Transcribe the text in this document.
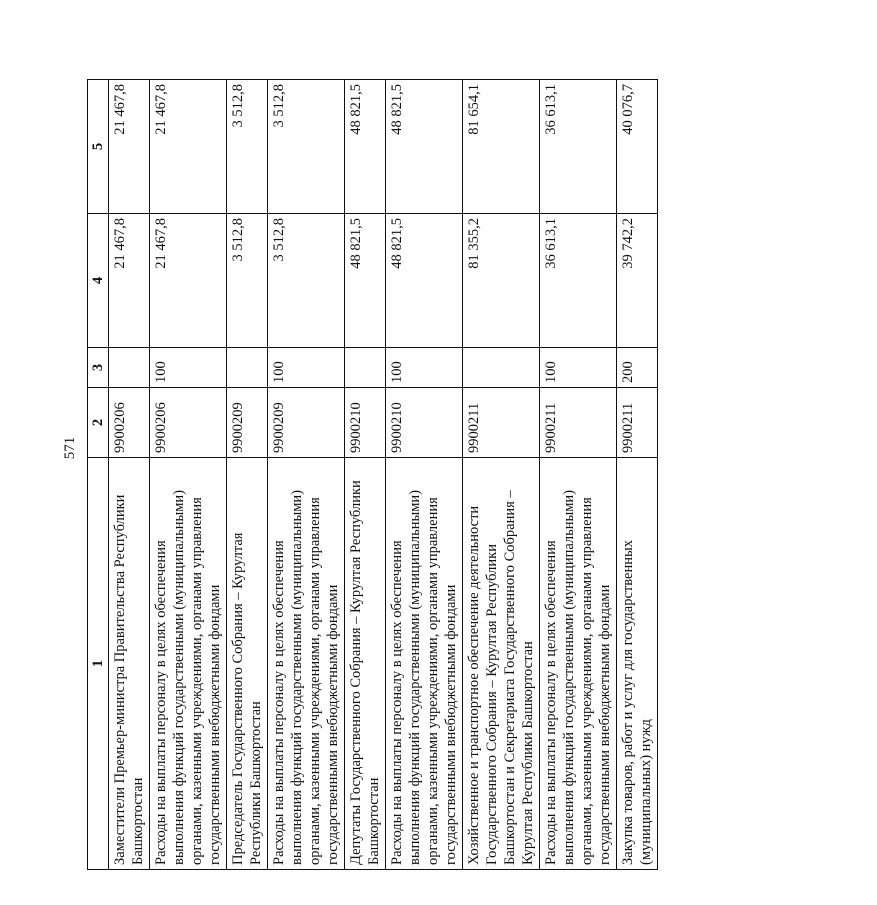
571
1	2	3	4	5
Заместители Премьер-министра Правительства Республики Башкортостан	9900206		21 467,8	21 467,8
Расходы на выплаты персоналу в целях обеспечения выполнения функций государственными (муниципальными) органами, казенными учреждениями, органами управления государственными внебюджетными фондами	9900206	100	21 467,8	21 467,8
Председатель Государственного Собрания – Курултая Республики Башкортостан	9900209		3 512,8	3 512,8
Расходы на выплаты персоналу в целях обеспечения выполнения функций государственными (муниципальными) органами, казенными учреждениями, органами управления государственными внебюджетными фондами	9900209	100	3 512,8	3 512,8
Депутаты Государственного Собрания – Курултая Республики Башкортостан	9900210		48 821,5	48 821,5
Расходы на выплаты персоналу в целях обеспечения выполнения функций государственными (муниципальными) органами, казенными учреждениями, органами управления государственными внебюджетными фондами	9900210	100	48 821,5	48 821,5
Хозяйственное и транспортное обеспечение деятельности Государственного Собрания – Курултая Республики Башкортостан и Секретариата Государственного Собрания – Курултая Республики Башкортостан	9900211		81 355,2	81 654,1
Расходы на выплаты персоналу в целях обеспечения выполнения функций государственными (муниципальными) органами, казенными учреждениями, органами управления государственными внебюджетными фондами	9900211	100	36 613,1	36 613,1
Закупка товаров, работ и услуг для государственных (муниципальных) нужд	9900211	200	39 742,2	40 076,7
